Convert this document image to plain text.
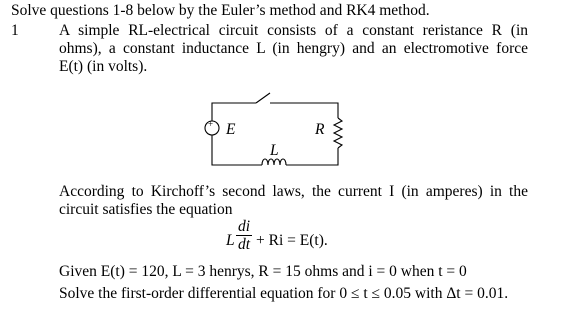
Solve questions 1-8 below by the Euler’s method and RK4 method.
1	A simple RL-electrical circuit consists of a constant reristance R (in
ohms), a constant inductance L (in hengry) and an electromotive force
E(t) (in volts).
+ E	R
L
According to Kirchoff’s second laws, the current I (in amperes) in the
circuit satisfies the equation
L
di
dt + Ri = E(t).
Given E(t) = 120, L = 3 henrys, R = 15 ohms and i = 0 when t = 0
Solve the first-order differential equation for 0 ≤ t ≤ 0.05 with Δt = 0.01.
